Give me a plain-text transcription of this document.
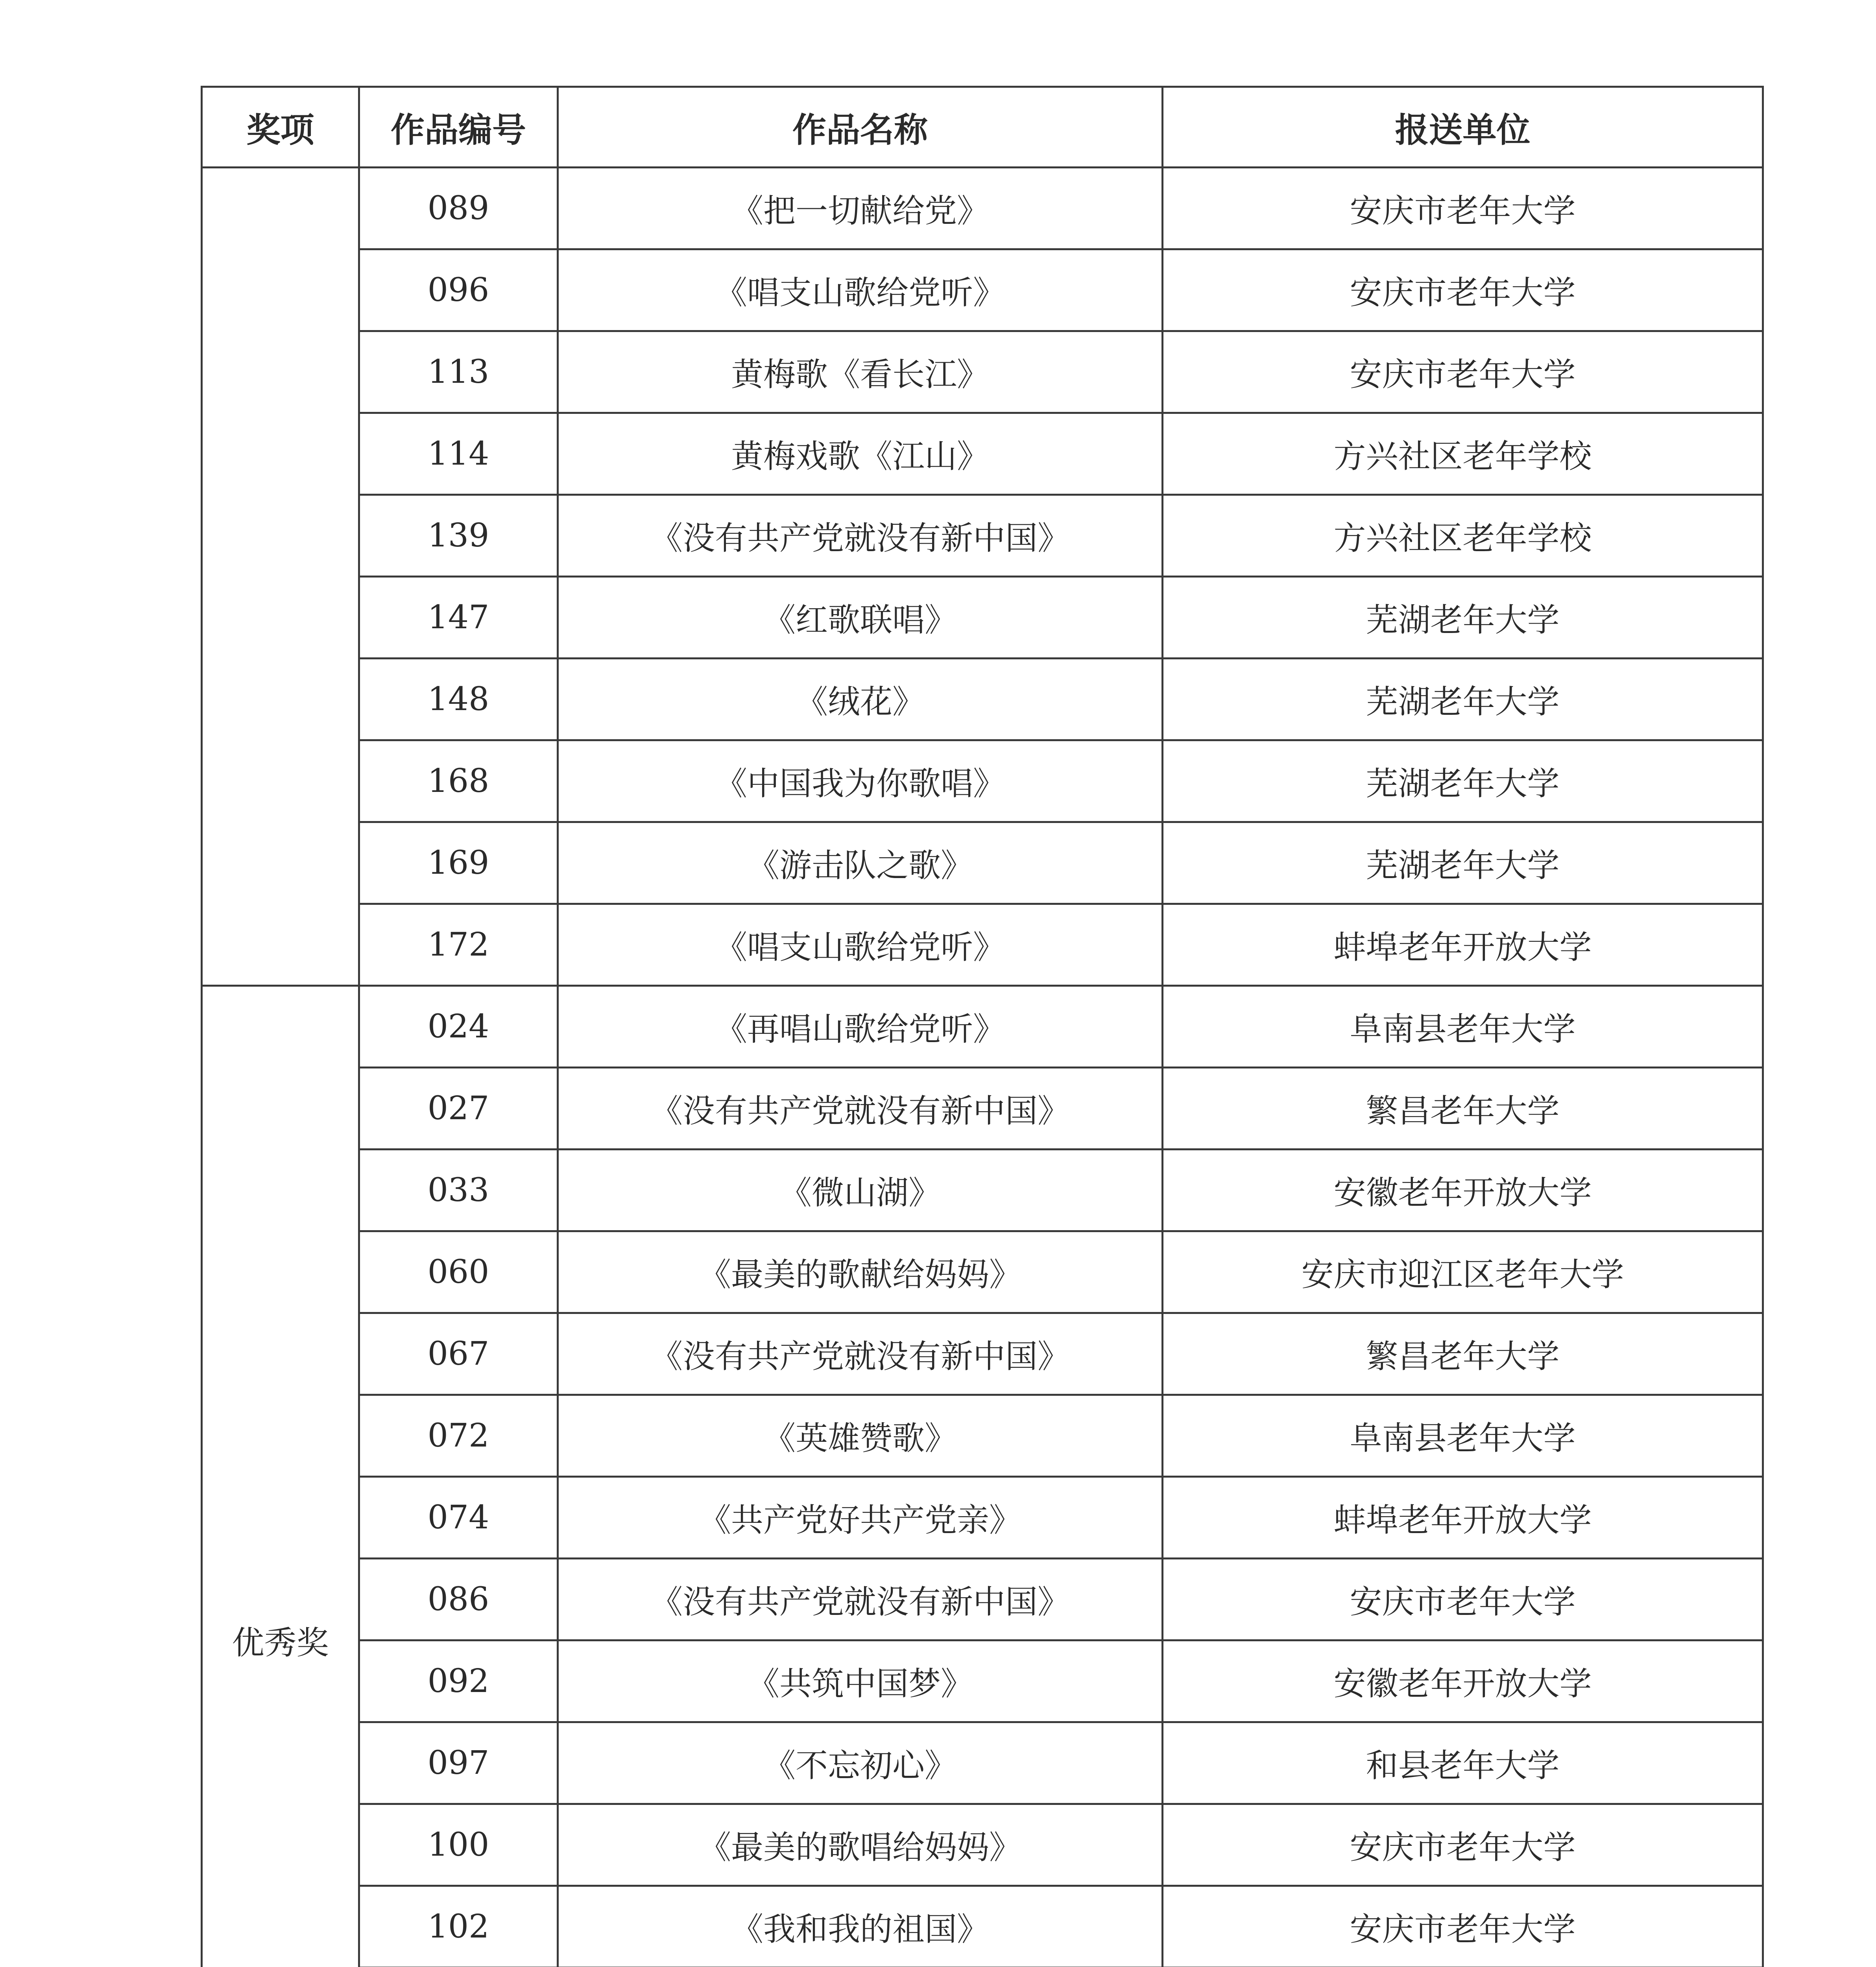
奖项	作品编号	作品名称	报送单位
	089	《把一切献给党》	安庆市老年大学
	096	《唱支山歌给党听》	安庆市老年大学
	113	黄梅歌《看长江》	安庆市老年大学
	114	黄梅戏歌《江山》	方兴社区老年学校
	139	《没有共产党就没有新中国》	方兴社区老年学校
	147	《红歌联唱》	芜湖老年大学
	148	《绒花》	芜湖老年大学
	168	《中国我为你歌唱》	芜湖老年大学
	169	《游击队之歌》	芜湖老年大学
	172	《唱支山歌给党听》	蚌埠老年开放大学
优秀奖	024	《再唱山歌给党听》	阜南县老年大学
	027	《没有共产党就没有新中国》	繁昌老年大学
	033	《微山湖》	安徽老年开放大学
	060	《最美的歌献给妈妈》	安庆市迎江区老年大学
	067	《没有共产党就没有新中国》	繁昌老年大学
	072	《英雄赞歌》	阜南县老年大学
	074	《共产党好共产党亲》	蚌埠老年开放大学
	086	《没有共产党就没有新中国》	安庆市老年大学
	092	《共筑中国梦》	安徽老年开放大学
	097	《不忘初心》	和县老年大学
	100	《最美的歌唱给妈妈》	安庆市老年大学
	102	《我和我的祖国》	安庆市老年大学
